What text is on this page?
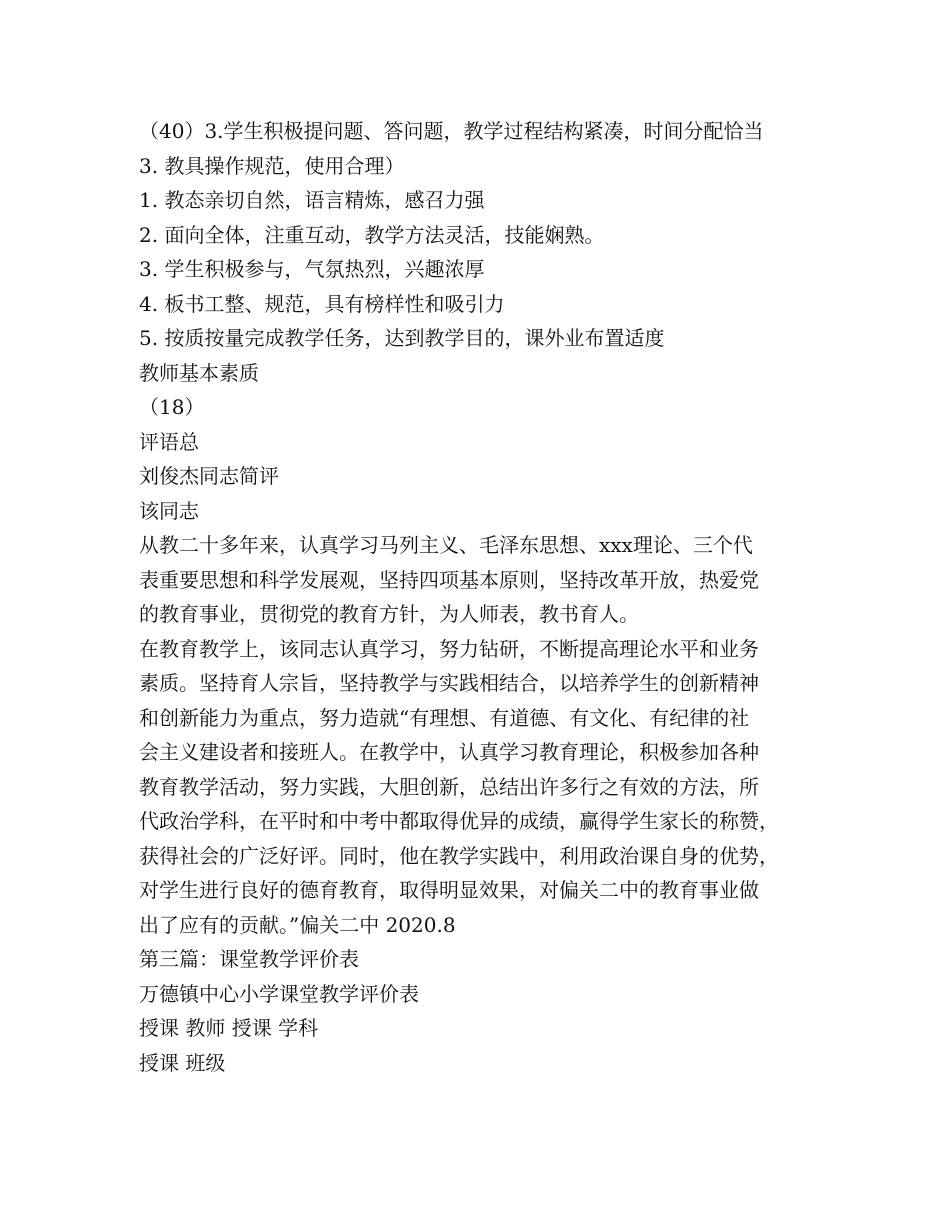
（40）3.学生积极提问题、答问题，教学过程结构紧凑，时间分配恰当
3. 教具操作规范，使用合理）
1. 教态亲切自然，语言精炼，感召力强
2. 面向全体，注重互动，教学方法灵活，技能娴熟。
3. 学生积极参与，气氛热烈，兴趣浓厚
4. 板书工整、规范，具有榜样性和吸引力
5. 按质按量完成教学任务，达到教学目的，课外业布置适度
教师基本素质
（18）
评语总
刘俊杰同志简评
该同志
从教二十多年来，认真学习马列主义、毛泽东思想、xxx理论、三个代
表重要思想和科学发展观，坚持四项基本原则，坚持改革开放，热爱党
的教育事业，贯彻党的教育方针，为人师表，教书育人。
在教育教学上，该同志认真学习，努力钻研，不断提高理论水平和业务
素质。坚持育人宗旨，坚持教学与实践相结合，以培养学生的创新精神
和创新能力为重点，努力造就“有理想、有道德、有文化、有纪律的社
会主义建设者和接班人。在教学中，认真学习教育理论，积极参加各种
教育教学活动，努力实践，大胆创新，总结出许多行之有效的方法，所
代政治学科，在平时和中考中都取得优异的成绩，赢得学生家长的称赞，
获得社会的广泛好评。同时，他在教学实践中，利用政治课自身的优势，
对学生进行良好的德育教育，取得明显效果，对偏关二中的教育事业做
出了应有的贡献。”偏关二中 2020.8
第三篇：课堂教学评价表
万德镇中心小学课堂教学评价表
授课 教师 授课 学科
授课 班级
